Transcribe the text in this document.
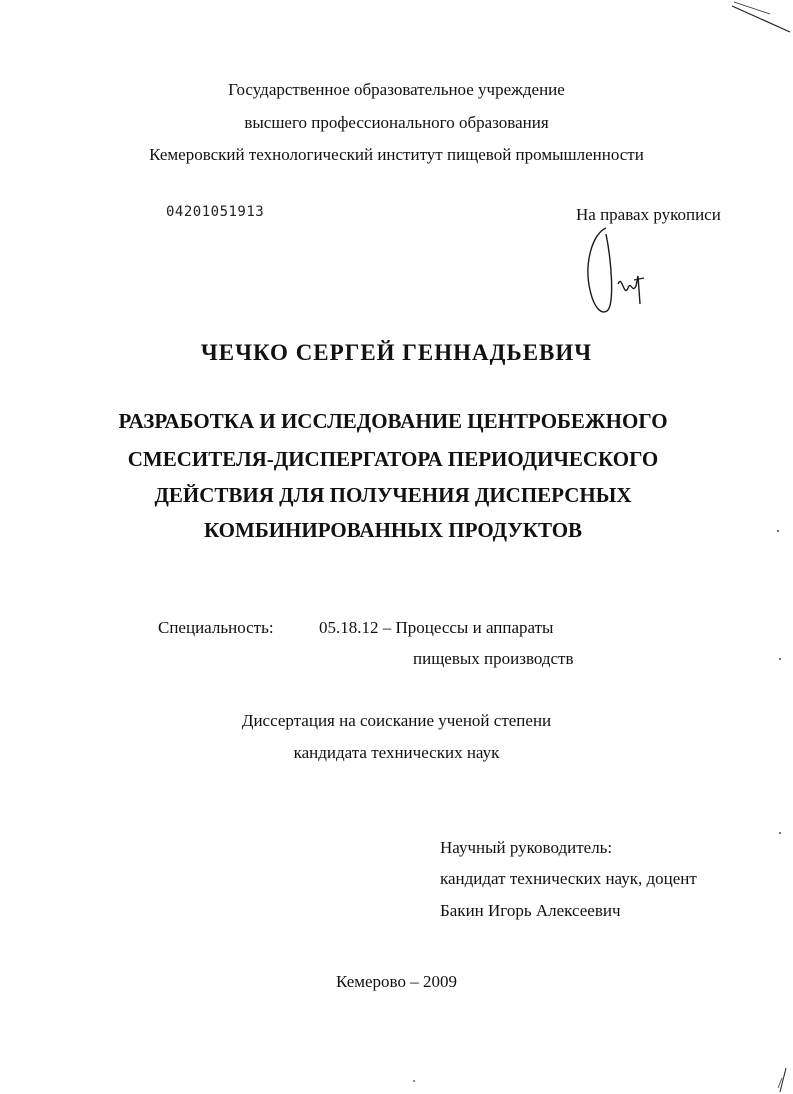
Государственное образовательное учреждение
высшего профессионального образования
Кемеровский технологический институт пищевой промышленности
04201051913	На правах рукописи
ЧЕЧКО СЕРГЕЙ ГЕННАДЬЕВИЧ
РАЗРАБОТКА И ИССЛЕДОВАНИЕ ЦЕНТРОБЕЖНОГО
СМЕСИТЕЛЯ-ДИСПЕРГАТОРА ПЕРИОДИЧЕСКОГО
ДЕЙСТВИЯ ДЛЯ ПОЛУЧЕНИЯ ДИСПЕРСНЫХ
КОМБИНИРОВАННЫХ ПРОДУКТОВ
Специальность:	05.18.12 – Процессы и аппараты
пищевых производств
Диссертация на соискание ученой степени
кандидата технических наук
Научный руководитель:
кандидат технических наук, доцент
Бакин Игорь Алексеевич
Кемерово – 2009
